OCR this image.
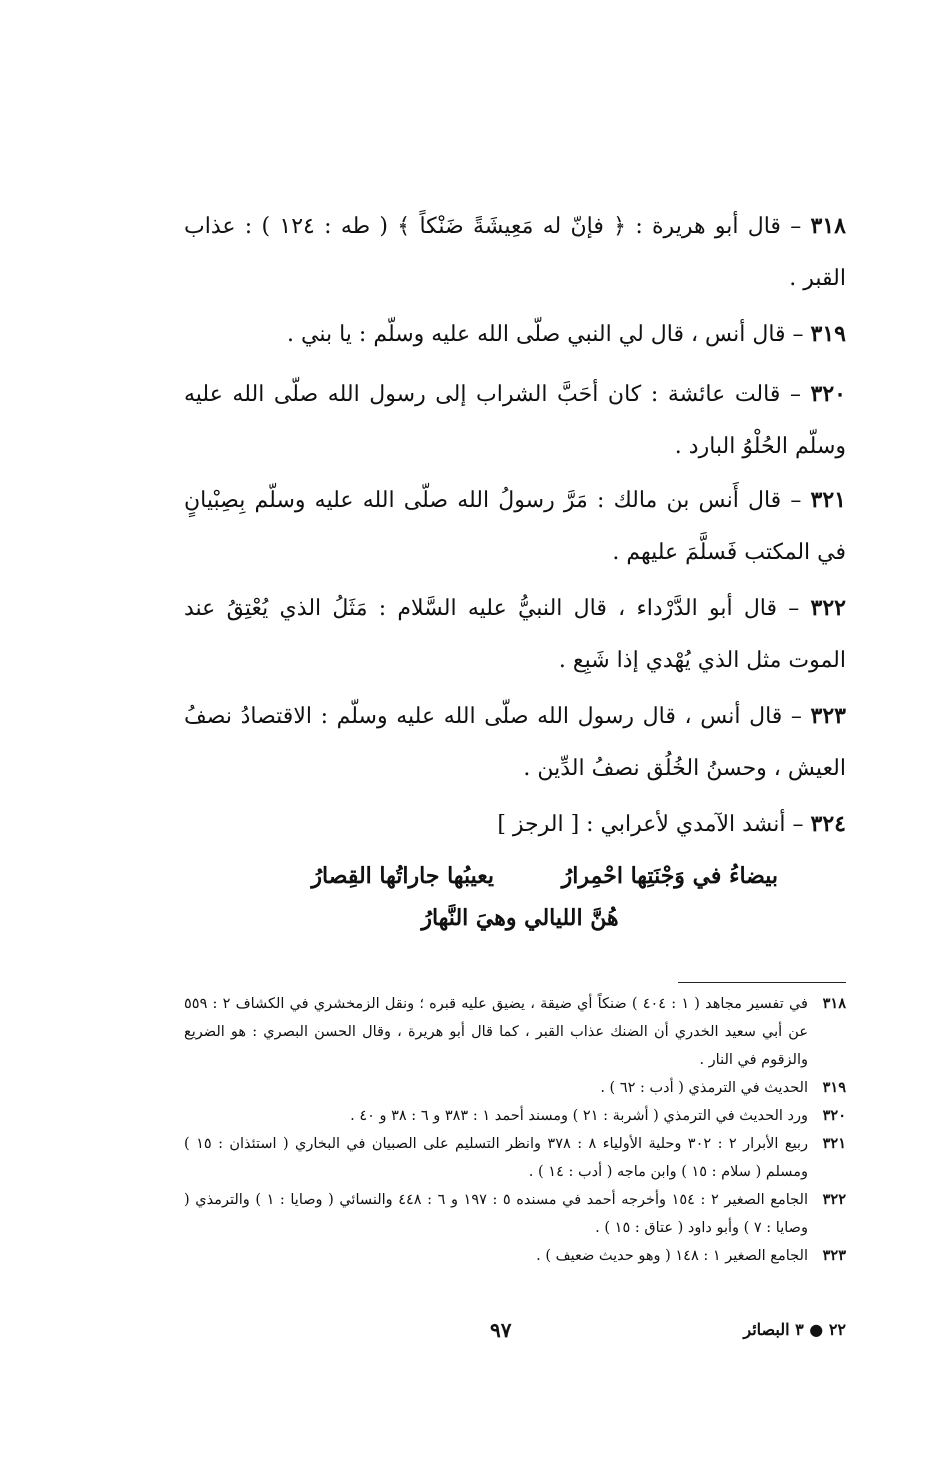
٣١٨ – قال أبو هريرة : ﴿ فإنّ له مَعِيشَةً ضَنْكاً ﴾ ( طه : ١٢٤ ) : عذاب القبر .
٣١٩ – قال أنس ، قال لي النبي صلّى الله عليه وسلّم : يا بني .
٣٢٠ – قالت عائشة : كان أحَبَّ الشراب إلى رسول الله صلّى الله عليه وسلّم الحُلْوُ البارد .
٣٢١ – قال أَنس بن مالك : مَرَّ رسولُ الله صلّى الله عليه وسلّم بِصِبْيانٍ في المكتب فَسلَّمَ عليهم .
٣٢٢ – قال أبو الدَّرْداء ، قال النبيُّ عليه السَّلام : مَثَلُ الذي يُعْتِقُ عند الموت مثل الذي يُهْدي إذا شَبِع .
٣٢٣ – قال أنس ، قال رسول الله صلّى الله عليه وسلّم : الاقتصادُ نصفُ العيش ، وحسنُ الخُلُق نصفُ الدِّين .
٣٢٤ – أنشد الآمدي لأعرابي : [ الرجز ]
بيضاءُ في وَجْنَتِها احْمِرارُ يعيبُها جاراتُها القِصارُ
هُنَّ الليالي وهيَ النَّهارُ
٣١٨
في تفسير مجاهد ( ١ : ٤٠٤ ) ضنكاً أي ضيقة ، يضيق عليه قبره ؛ ونقل الزمخشري في الكشاف ٢ : ٥٥٩ عن أبي سعيد الخدري أن الضنك عذاب القبر ، كما قال أبو هريرة ، وقال الحسن البصري : هو الضريع والزقوم في النار .
٣١٩
الحديث في الترمذي ( أدب : ٦٢ ) .
٣٢٠
ورد الحديث في الترمذي ( أشربة : ٢١ ) ومسند أحمد ١ : ٣٨٣ و ٦ : ٣٨ و ٤٠ .
٣٢١
ربيع الأبرار ٢ : ٣٠٢ وحلية الأولياء ٨ : ٣٧٨ وانظر التسليم على الصبيان في البخاري ( استئذان : ١٥ ) ومسلم ( سلام : ١٥ ) وابن ماجه ( أدب : ١٤ ) .
٣٢٢
الجامع الصغير ٢ : ١٥٤ وأخرجه أحمد في مسنده ٥ : ١٩٧ و ٦ : ٤٤٨ والنسائي ( وصايا : ١ ) والترمذي ( وصايا : ٧ ) وأبو داود ( عتاق : ١٥ ) .
٣٢٣
الجامع الصغير ١ : ١٤٨ ( وهو حديث ضعيف ) .
٢٢ ● ٣ البصائر
٩٧
